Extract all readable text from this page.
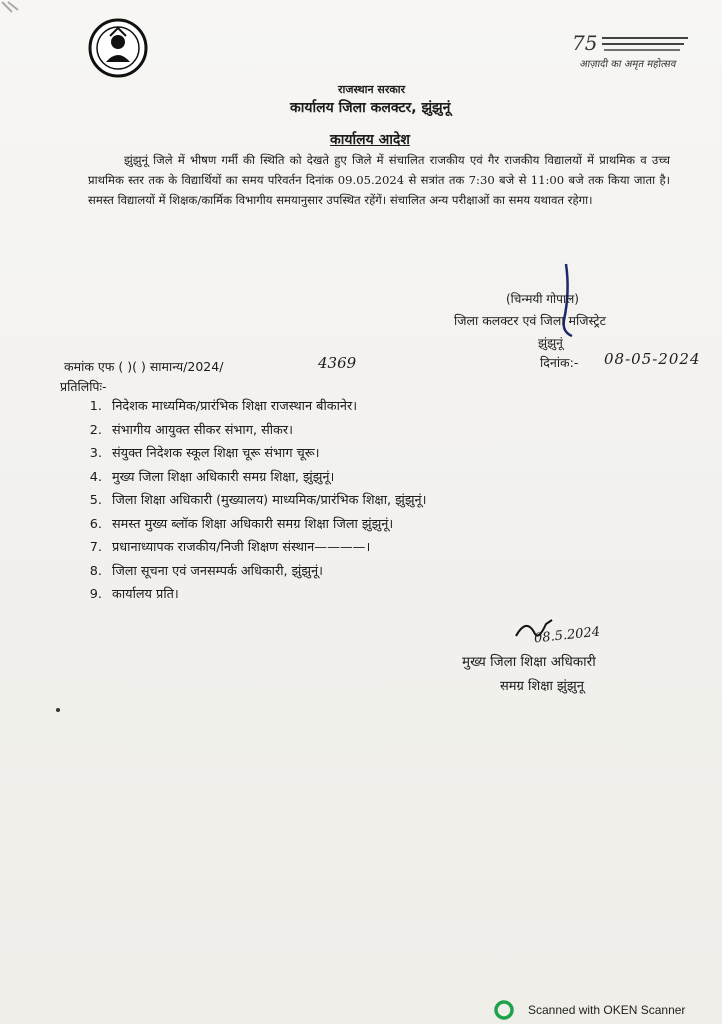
75
आज़ादी का अमृत महोत्सव
राजस्थान सरकार
कार्यालय जिला कलक्टर, झुंझुनूं
कार्यालय आदेश
झुंझुनूं जिले में भीषण गर्मी की स्थिति को देखते हुए जिले में संचालित राजकीय एवं गैर राजकीय विद्यालयों में प्राथमिक व उच्च प्राथमिक स्तर तक के विद्यार्थियों का समय परिवर्तन दिनांक 09.05.2024 से सत्रांत तक 7:30 बजे से 11:00 बजे तक किया जाता है। समस्त विद्यालयों में शिक्षक/कार्मिक विभागीय समयानुसार उपस्थित रहेंगें। संचालित अन्य परीक्षाओं का समय यथावत रहेगा।
(चिन्मयी गोपाल)
जिला कलक्टर एवं जिला मजिस्ट्रेट
झुंझुनूं
दिनांक:- 08-05-2024
कमांक एफ ( )( ) सामान्य/2024/	4369
प्रतिलिपिः-
1. निदेशक माध्यमिक/प्रारंभिक शिक्षा राजस्थान बीकानेर।
2. संभागीय आयुक्त सीकर संभाग, सीकर।
3. संयुक्त निदेशक स्कूल शिक्षा चूरू संभाग चूरू।
4. मुख्य जिला शिक्षा अधिकारी समग्र शिक्षा, झुंझुनूं।
5. जिला शिक्षा अधिकारी (मुख्यालय) माध्यमिक/प्रारंभिक शिक्षा, झुंझुनूं।
6. समस्त मुख्य ब्लॉक शिक्षा अधिकारी समग्र शिक्षा जिला झुंझुनूं।
7. प्रधानाध्यापक राजकीय/निजी शिक्षण संस्थान————।
8. जिला सूचना एवं जनसम्पर्क अधिकारी, झुंझुनूं।
9. कार्यालय प्रति।
08.5.2024
मुख्य जिला शिक्षा अधिकारी
समग्र शिक्षा झुंझुनू
Scanned with OKEN Scanner
